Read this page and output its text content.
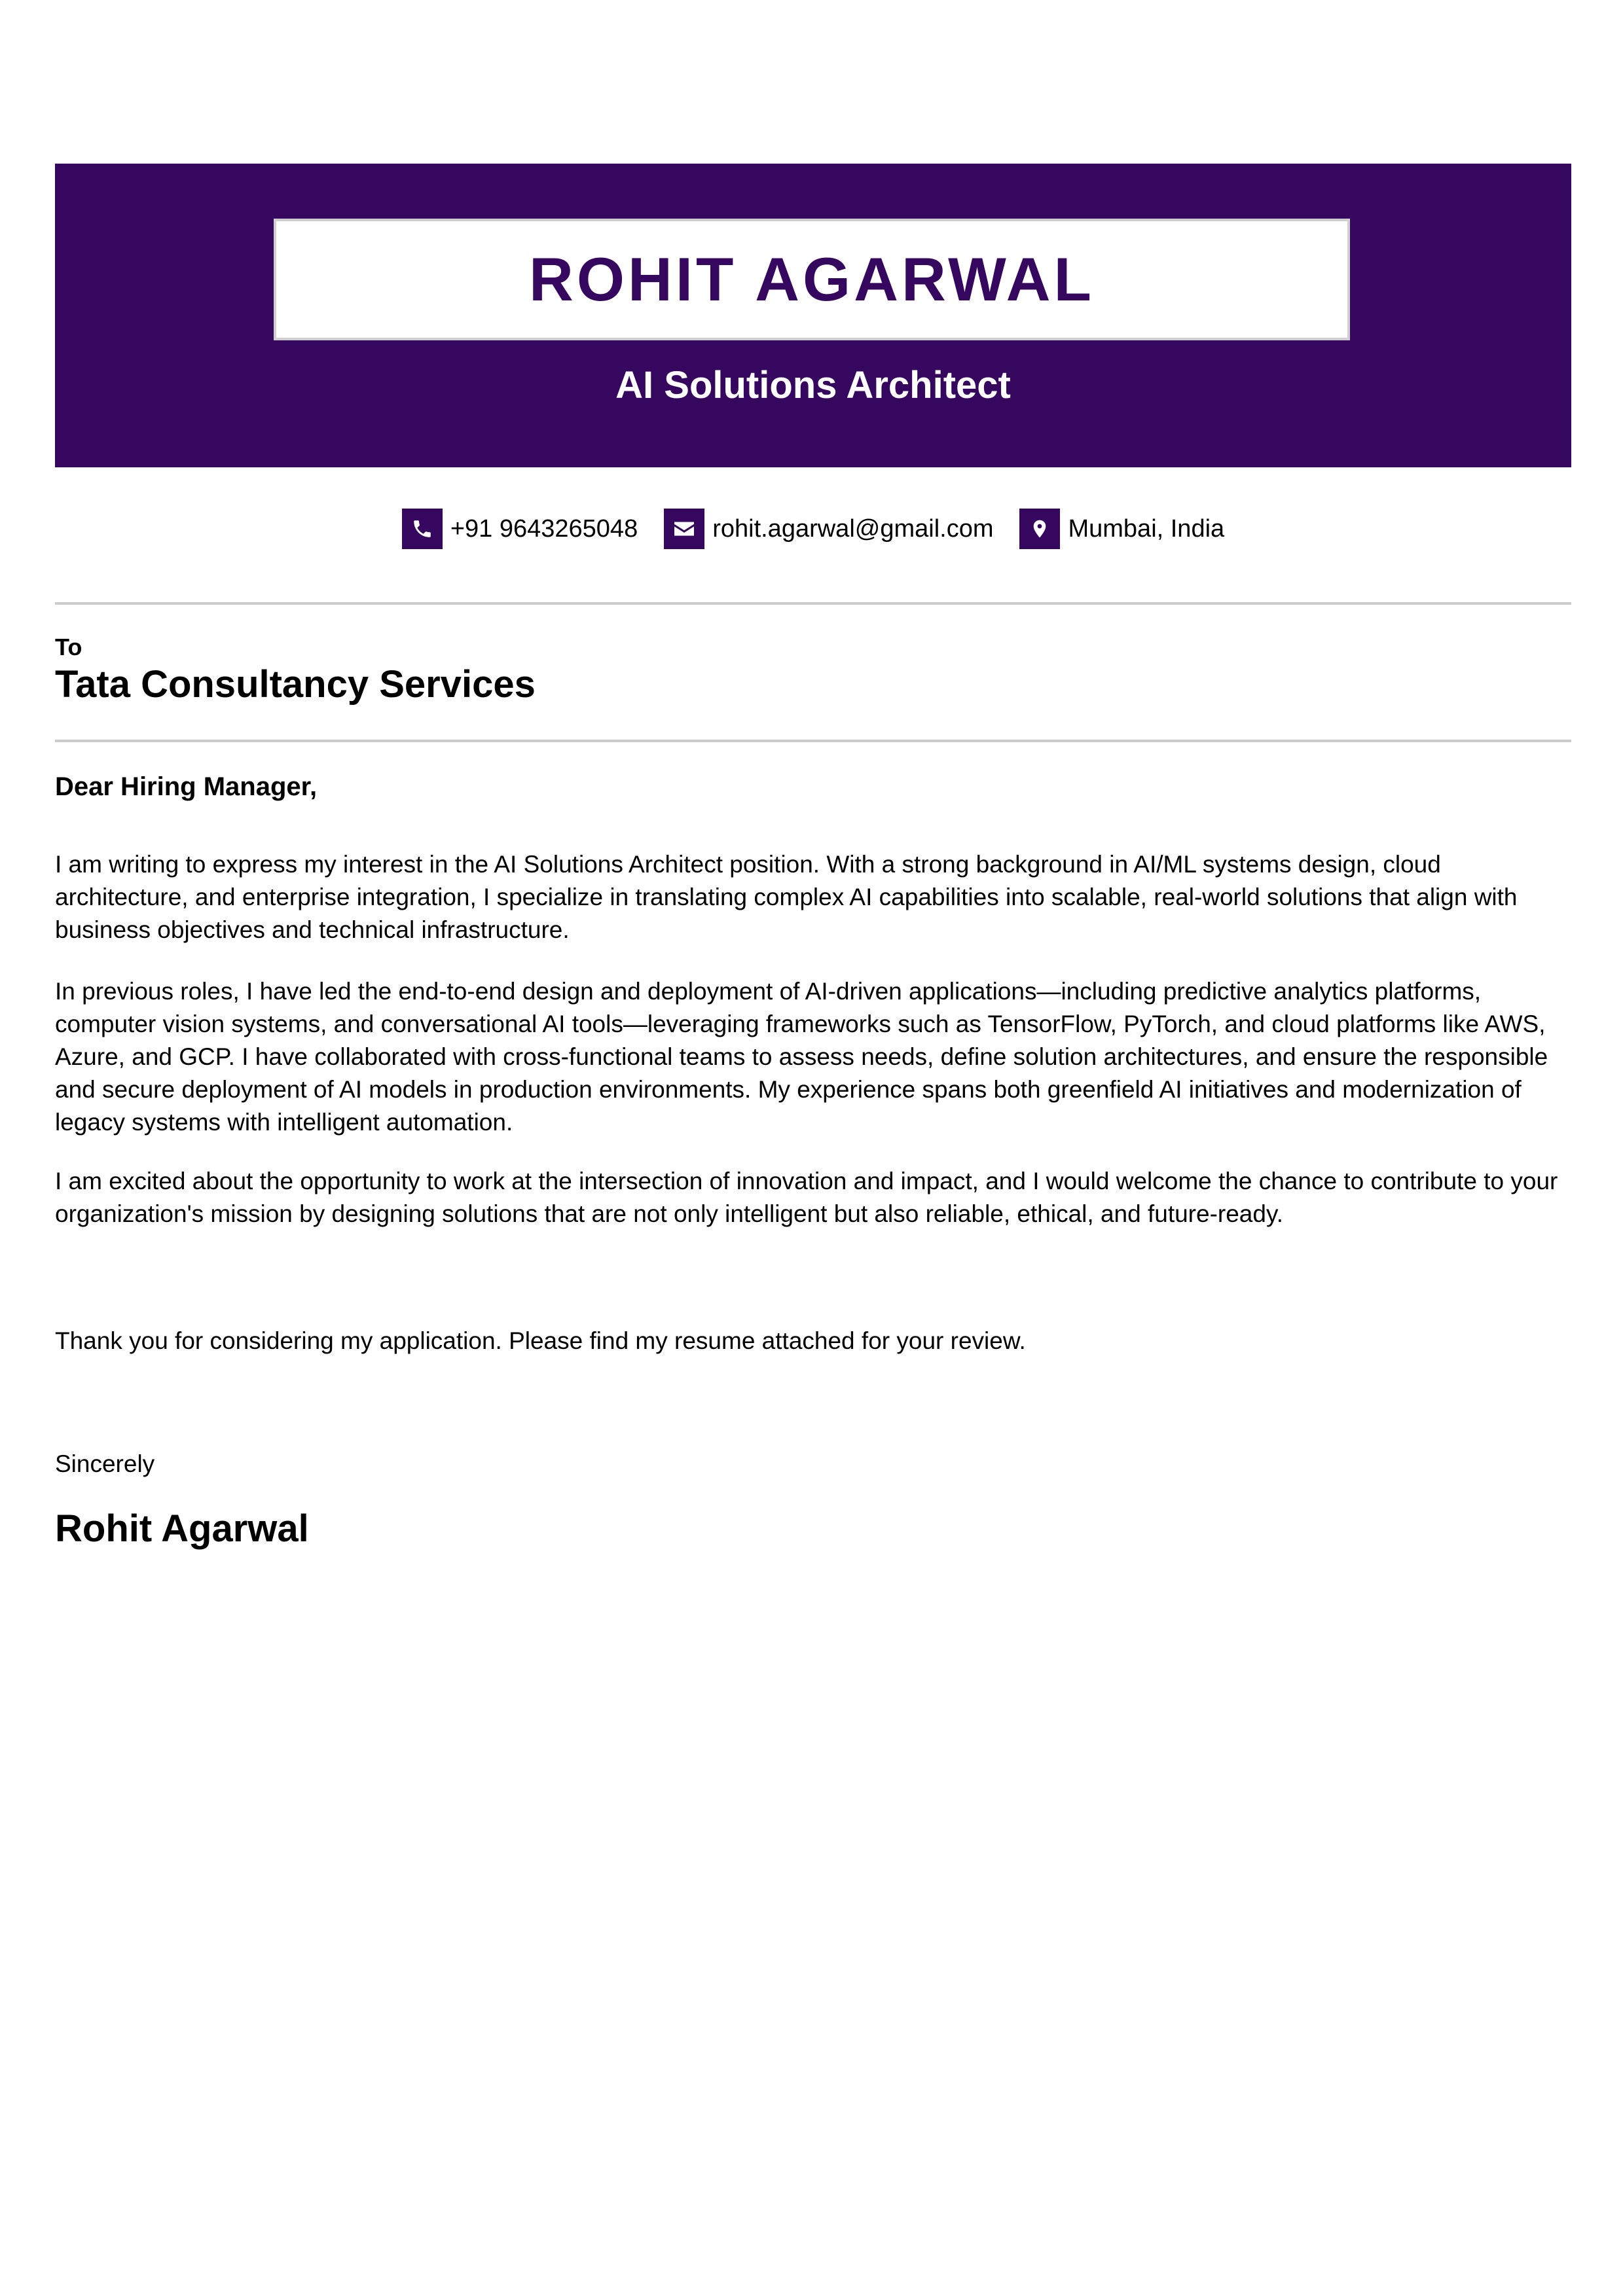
ROHIT AGARWAL
AI Solutions Architect
+91 9643265048	rohit.agarwal@gmail.com	Mumbai, India
To
Tata Consultancy Services
Dear Hiring Manager,
I am writing to express my interest in the AI Solutions Architect position. With a strong background in AI/ML systems design, cloud architecture, and enterprise integration, I specialize in translating complex AI capabilities into scalable, real-world solutions that align with business objectives and technical infrastructure.
In previous roles, I have led the end-to-end design and deployment of AI-driven applications—including predictive analytics platforms, computer vision systems, and conversational AI tools—leveraging frameworks such as TensorFlow, PyTorch, and cloud platforms like AWS, Azure, and GCP. I have collaborated with cross-functional teams to assess needs, define solution architectures, and ensure the responsible and secure deployment of AI models in production environments. My experience spans both greenfield AI initiatives and modernization of legacy systems with intelligent automation.
I am excited about the opportunity to work at the intersection of innovation and impact, and I would welcome the chance to contribute to your organization's mission by designing solutions that are not only intelligent but also reliable, ethical, and future-ready.
Thank you for considering my application. Please find my resume attached for your review.
Sincerely
Rohit Agarwal
